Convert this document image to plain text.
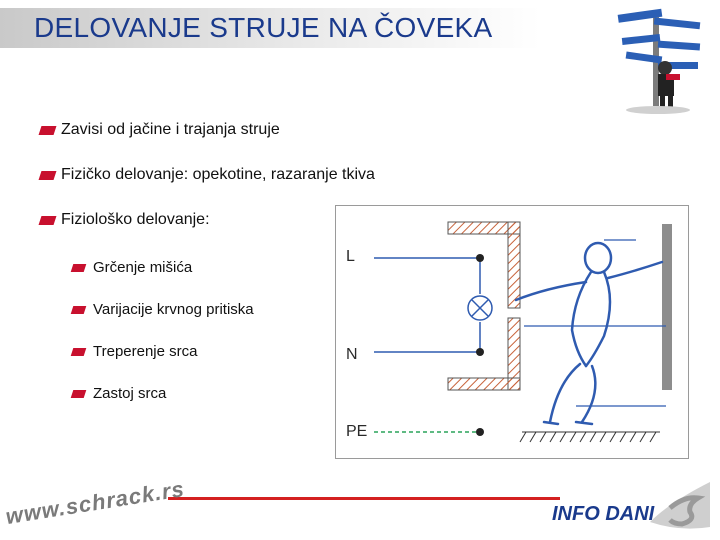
DELOVANJE STRUJE NA ČOVEKA
Zavisi od jačine i trajanja struje
Fizičko delovanje: opekotine, razaranje tkiva
Fiziološko delovanje:
Grčenje mišića
Varijacije krvnog pritiska
Treperenje srca
Zastoj srca
L
N
PE
www.schrack.rs	INFO DANI
